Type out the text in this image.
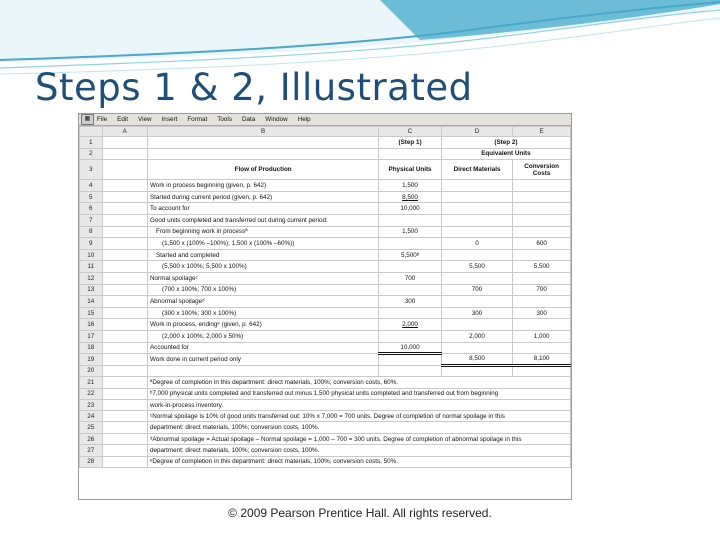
Steps 1 & 2, Illustrated
▦	File Edit View Insert Format Tools Data Window Help
	A	B	C	D	E
1			(Step 1)	(Step 2)	
2				Equivalent Units	
3		Flow of Production	Physical Units	Direct Materials	Conversion Costs
4		Work in process beginning (given, p. 642)	1,500		
5		Started during current period (given, p. 642)	8,500		
6		To account for	10,000		
7		Good units completed and transferred out during current period:			
8		From beginning work in processª	1,500		
9		(1,500 x (100% –100%); 1,500 x (100% –60%))		0	600
10		Started and completed	5,500ᵇ		
11		(5,500 x 100%; 5,500 x 100%)		5,500	5,500
12		Normal spoilageᶜ	700		
13		(700 x 100%; 700 x 100%)		700	700
14		Abnormal spoilageᵈ	300		
15		(300 x 100%; 300 x 100%)		300	300
16		Work in process, endingᵉ (given, p. 642)	2,000		
17		(2,000 x 100%; 2,000 x 50%)		2,000	1,000
18		Accounted for	10,000		
19		Work done in current period only		8,500	8,100
20					
21		ªDegree of completion in this department: direct materials, 100%; conversion costs, 60%.			
22		ᵇ7,000 physical units completed and transferred out minus 1,500 physical units completed and transferred out from beginning			
23		work-in-process inventory.			
24		ᶜNormal spoilage is 10% of good units transferred out: 10% x 7,000 = 700 units. Degree of completion of normal spoilage in this			
25		department: direct materials, 100%; conversion costs, 100%.			
26		ᵈAbnormal spoilage = Actual spoilage – Normal spoilage = 1,000 – 700 = 300 units. Degree of completion of abnormal spoilage in this			
27		department: direct materials, 100%; conversion costs, 100%.			
28		ᵉDegree of completion in this department: direct materials, 100%; conversion costs, 50%.			
© 2009 Pearson Prentice Hall. All rights reserved.
